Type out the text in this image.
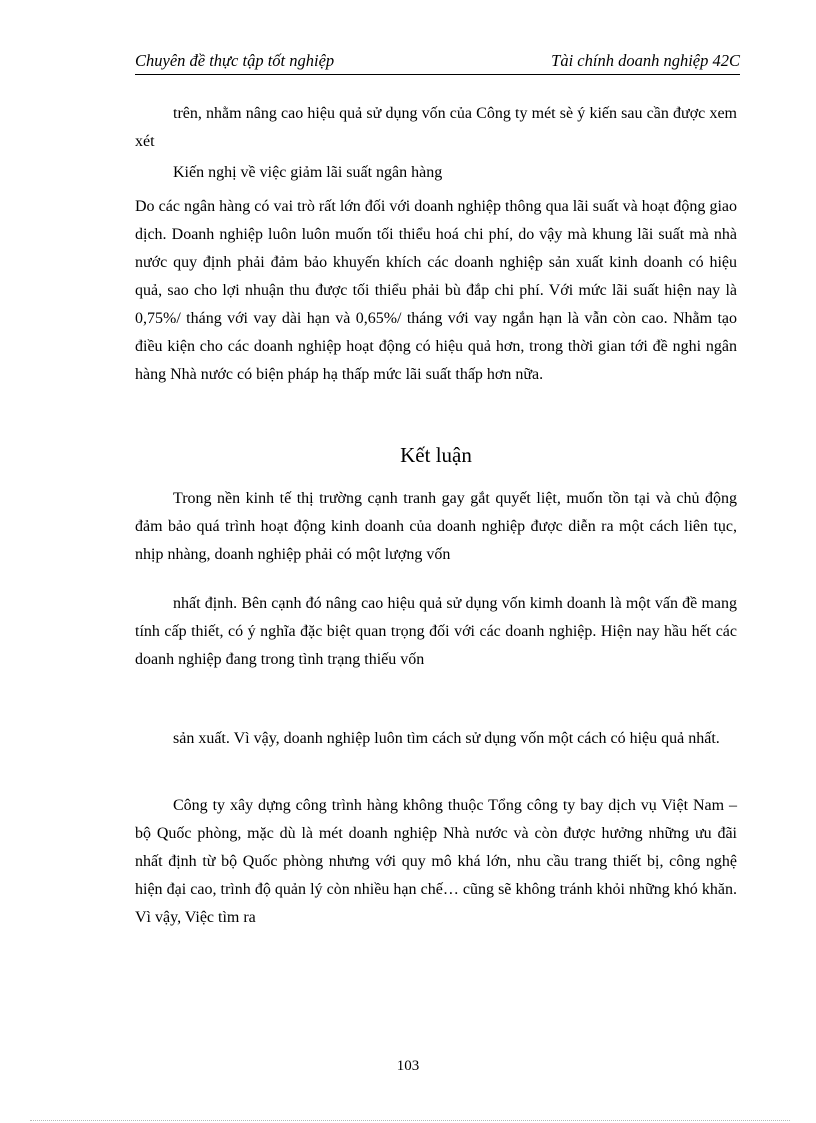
Chuyên đề thực tập tốt nghiệp	Tài chính doanh nghiệp 42C

trên, nhằm nâng cao hiệu quả sử dụng vốn của Công ty mét sè ý kiến sau cần được xem xét

Kiến nghị về việc giảm lãi suất ngân hàng

Do các ngân hàng có vai trò rất lớn đối với doanh nghiệp thông qua lãi suất và hoạt động giao dịch. Doanh nghiệp luôn luôn muốn tối thiểu hoá chi phí, do vậy mà khung lãi suất mà nhà nước quy định phải đảm bảo khuyến khích các doanh nghiệp sản xuất kinh doanh có hiệu quả, sao cho lợi nhuận thu được tối thiểu phải bù đắp chi phí. Với mức lãi suất hiện nay là 0,75%/ tháng với vay dài hạn và 0,65%/ tháng với vay ngắn hạn là vẫn còn cao. Nhằm tạo điều kiện cho các doanh nghiệp hoạt động có hiệu quả hơn, trong thời gian tới đề nghi ngân hàng Nhà nước có biện pháp hạ thấp mức lãi suất thấp hơn nữa.

Kết luận

Trong nền kinh tế thị trường cạnh tranh gay gắt quyết liệt, muốn tồn tại và chủ động đảm bảo quá trình hoạt động kinh doanh của doanh nghiệp được diễn ra một cách liên tục, nhịp nhàng, doanh nghiệp phải có một lượng vốn

nhất định. Bên cạnh đó nâng cao hiệu quả sử dụng vốn kimh doanh là một vấn đề mang tính cấp thiết, có ý nghĩa đặc biệt quan trọng đối với các doanh nghiệp. Hiện nay hầu hết các doanh nghiệp đang trong tình trạng thiếu vốn

sản xuất. Vì vậy, doanh nghiệp luôn tìm cách sử dụng vốn một cách có hiệu quả nhất.

Công ty xây dựng công trình hàng không thuộc Tổng công ty bay dịch vụ Việt Nam – bộ Quốc phòng, mặc dù là mét doanh nghiệp Nhà nước và còn được hưởng những ưu đãi nhất định từ bộ Quốc phòng nhưng với quy mô khá lớn, nhu cầu trang thiết bị, công nghệ hiện đại cao, trình độ quản lý còn nhiều hạn chế… cũng sẽ không tránh khỏi những khó khăn. Vì vậy, Việc tìm ra

103
